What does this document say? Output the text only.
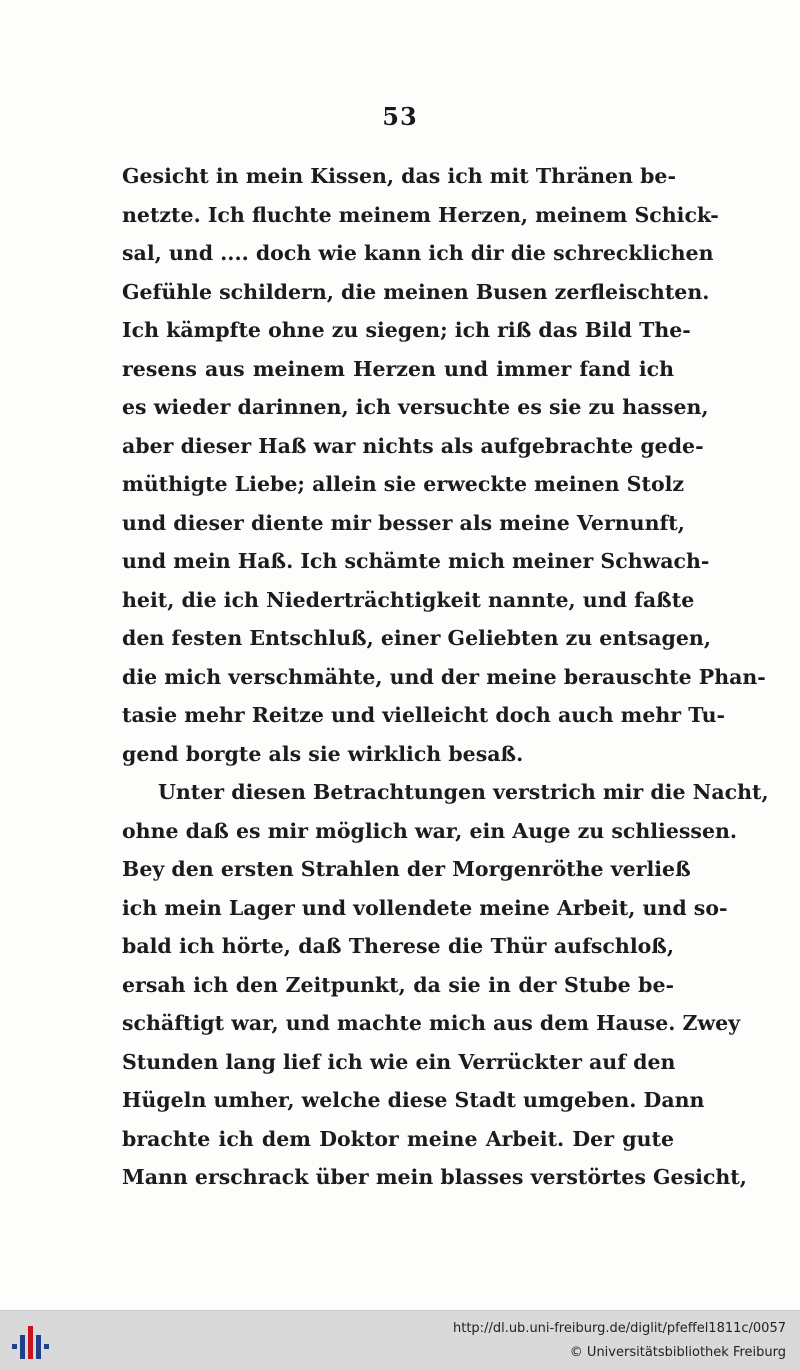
53
Gesicht in mein Kissen, das ich mit Thränen be-
netzte. Ich fluchte meinem Herzen, meinem Schick-
sal, und .... doch wie kann ich dir die schrecklichen
Gefühle schildern, die meinen Busen zerfleischten.
Ich kämpfte ohne zu siegen; ich riß das Bild The-
resens aus meinem Herzen und immer fand ich
es wieder darinnen, ich versuchte es sie zu hassen,
aber dieser Haß war nichts als aufgebrachte gede-
müthigte Liebe; allein sie erweckte meinen Stolz
und dieser diente mir besser als meine Vernunft,
und mein Haß. Ich schämte mich meiner Schwach-
heit, die ich Niederträchtigkeit nannte, und faßte
den festen Entschluß, einer Geliebten zu entsagen,
die mich verschmähte, und der meine berauschte Phan-
tasie mehr Reitze und vielleicht doch auch mehr Tu-
gend borgte als sie wirklich besaß.
Unter diesen Betrachtungen verstrich mir die Nacht,
ohne daß es mir möglich war, ein Auge zu schliessen.
Bey den ersten Strahlen der Morgenröthe verließ
ich mein Lager und vollendete meine Arbeit, und so-
bald ich hörte, daß Therese die Thür aufschloß,
ersah ich den Zeitpunkt, da sie in der Stube be-
schäftigt war, und machte mich aus dem Hause. Zwey
Stunden lang lief ich wie ein Verrückter auf den
Hügeln umher, welche diese Stadt umgeben. Dann
brachte ich dem Doktor meine Arbeit. Der gute
Mann erschrack über mein blasses verstörtes Gesicht,
http://dl.ub.uni-freiburg.de/diglit/pfeffel1811c/0057
© Universitätsbibliothek Freiburg
